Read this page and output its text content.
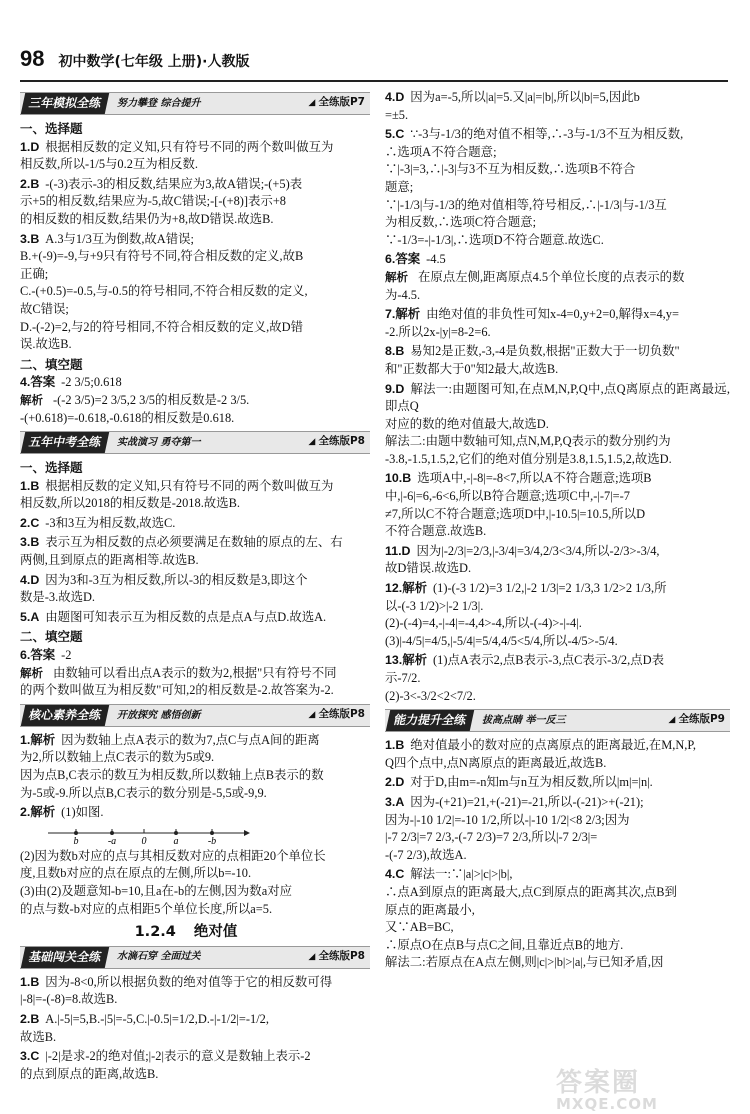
98 初中数学(七年级 上册)·人教版
三年模拟全练	努力攀登 综合提升	◢ 全练版P7
一、选择题
1.D 根据相反数的定义知,只有符号不同的两个数叫做互为
相反数,所以-1/5与0.2互为相反数.
2.B -(-3)表示-3的相反数,结果应为3,故A错误;-(+5)表
示+5的相反数,结果应为-5,故C错误;-[-(+8)]表示+8
的相反数的相反数,结果仍为+8,故D错误.故选B.
3.B A.3与1/3互为倒数,故A错误;
B.+(-9)=-9,与+9只有符号不同,符合相反数的定义,故B
正确;
C.-(+0.5)=-0.5,与-0.5的符号相同,不符合相反数的定义,
故C错误;
D.-(-2)=2,与2的符号相同,不符合相反数的定义,故D错
误.故选B.
二、填空题
4.答案 -2 3/5;0.618
解析 -(-2 3/5)=2 3/5,2 3/5的相反数是-2 3/5.
-(+0.618)=-0.618,-0.618的相反数是0.618.
五年中考全练	实战演习 勇夺第一	◢ 全练版P8
一、选择题
1.B 根据相反数的定义知,只有符号不同的两个数叫做互为
相反数,所以2018的相反数是-2018.故选B.
2.C -3和3互为相反数,故选C.
3.B 表示互为相反数的点必须要满足在数轴的原点的左、右
两侧,且到原点的距离相等.故选B.
4.D 因为3和-3互为相反数,所以-3的相反数是3,即这个
数是-3.故选D.
5.A 由题图可知表示互为相反数的点是点A与点D.故选A.
二、填空题
6.答案 -2
解析 由数轴可以看出点A表示的数为2,根据"只有符号不同
的两个数叫做互为相反数"可知,2的相反数是-2.故答案为-2.
核心素养全练	开放探究 感悟创新	◢ 全练版P8
1.解析 因为数轴上点A表示的数为7,点C与点A间的距离
为2,所以数轴上点C表示的数为5或9.
因为点B,C表示的数互为相反数,所以数轴上点B表示的数
为-5或-9.所以点B,C表示的数分别是-5,5或-9,9.
2.解析 (1)如图.
b	-a	0	a	-b
(2)因为数b对应的点与其相反数对应的点相距20个单位长
度,且数b对应的点在原点的左侧,所以b=-10.
(3)由(2)及题意知-b=10,且a在-b的左侧,因为数a对应
的点与数-b对应的点相距5个单位长度,所以a=5.
1.2.4 绝对值
基础闯关全练	水滴石穿 全面过关	◢ 全练版P8
1.B 因为-8<0,所以根据负数的绝对值等于它的相反数可得
|-8|=-(-8)=8.故选B.
2.B A.|-5|=5,B.-|5|=-5,C.|-0.5|=1/2,D.-|-1/2|=-1/2,
故选B.
3.C |-2|是求-2的绝对值;|-2|表示的意义是数轴上表示-2
的点到原点的距离,故选B.
4.D 因为a=-5,所以|a|=5.又|a|=|b|,所以|b|=5,因此b
=±5.
5.C ∵-3与-1/3的绝对值不相等,∴-3与-1/3不互为相反数,
∴选项A不符合题意;
∵|-3|=3,∴|-3|与3不互为相反数,∴选项B不符合
题意;
∵|-1/3|与-1/3的绝对值相等,符号相反,∴|-1/3|与-1/3互
为相反数,∴选项C符合题意;
∵-1/3=-|-1/3|,∴选项D不符合题意.故选C.
6.答案 -4.5
解析 在原点左侧,距离原点4.5个单位长度的点表示的数
为-4.5.
7.解析 由绝对值的非负性可知x-4=0,y+2=0,解得x=4,y=
-2.所以2x-|y|=8-2=6.
8.B 易知2是正数,-3,-4是负数,根据"正数大于一切负数"
和"正数都大于0"知2最大,故选B.
9.D 解法一:由题图可知,在点M,N,P,Q中,点Q离原点的距离最远,即点Q
对应的数的绝对值最大,故选D.
解法二:由题中数轴可知,点N,M,P,Q表示的数分别约为
-3.8,-1.5,1.5,2,它们的绝对值分别是3.8,1.5,1.5,2,故选D.
10.B 选项A中,-|-8|=-8<7,所以A不符合题意;选项B
中,|-6|=6,-6<6,所以B符合题意;选项C中,-|-7|=-7
≠7,所以C不符合题意;选项D中,|-10.5|=10.5,所以D
不符合题意.故选B.
11.D 因为|-2/3|=2/3,|-3/4|=3/4,2/3<3/4,所以-2/3>-3/4,
故D错误.故选D.
12.解析 (1)-(-3 1/2)=3 1/2,|-2 1/3|=2 1/3,3 1/2>2 1/3,所
以-(-3 1/2)>|-2 1/3|.
(2)-(-4)=4,-|-4|=-4,4>-4,所以-(-4)>-|-4|.
(3)|-4/5|=4/5,|-5/4|=5/4,4/5<5/4,所以-4/5>-5/4.
13.解析 (1)点A表示2,点B表示-3,点C表示-3/2,点D表
示-7/2.
(2)-3<-3/2<2<7/2.
能力提升全练	拔高点睛 举一反三	◢ 全练版P9
1.B 绝对值最小的数对应的点离原点的距离最近,在M,N,P,
Q四个点中,点N离原点的距离最近,故选B.
2.D 对于D,由m=-n知m与n互为相反数,所以|m|=|n|.
3.A 因为-(+21)=21,+(-21)=-21,所以-(-21)>+(-21);
因为-|-10 1/2|=-10 1/2,所以-|-10 1/2|<8 2/3;因为
|-7 2/3|=7 2/3,-(-7 2/3)=7 2/3,所以|-7 2/3|=
-(-7 2/3),故选A.
4.C 解法一:∵|a|>|c|>|b|,
∴点A到原点的距离最大,点C到原点的距离其次,点B到
原点的距离最小,
又∵AB=BC,
∴原点O在点B与点C之间,且靠近点B的地方.
解法二:若原点在A点左侧,则|c|>|b|>|a|,与已知矛盾,因
答案圈
MXQE.COM
